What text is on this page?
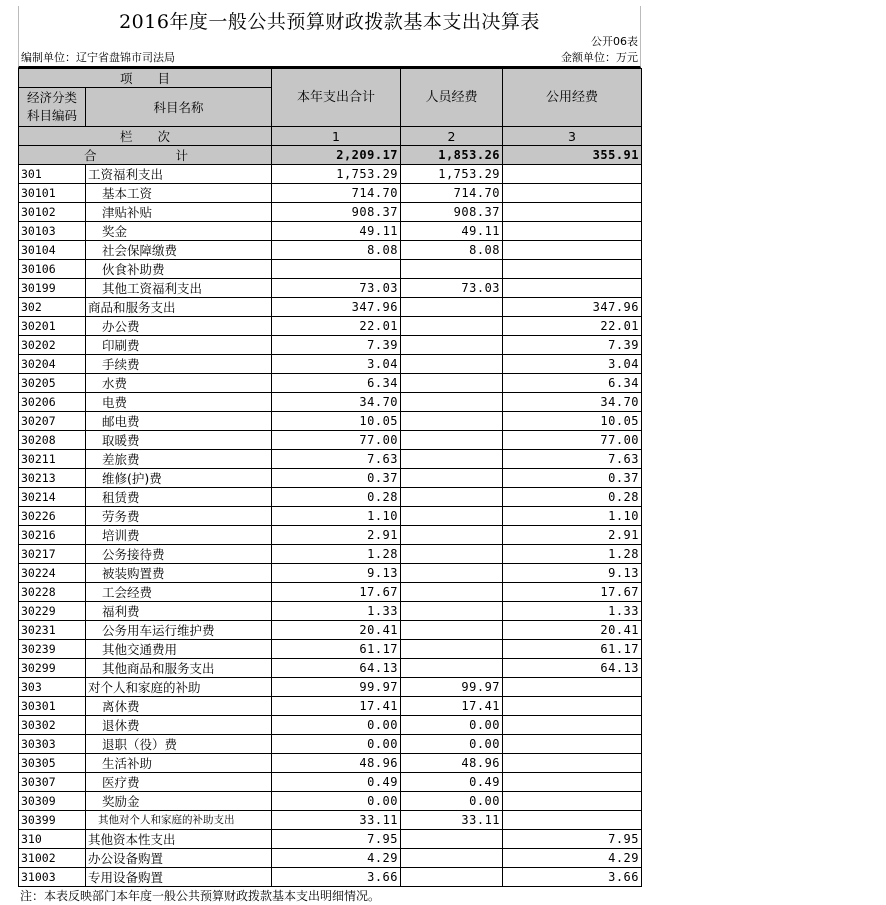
2016年度一般公共预算财政拨款基本支出决算表
公开06表
编制单位：辽宁省盘锦市司法局	金额单位：万元
项　　目		本年支出合计	人员经费	公用经费

经济分类
科目编码	科目名称			
栏　　次		1	2	3
合　　计		2,209.17	1,853.26	355.91
301	工资福利支出	1,753.29	1,753.29	
30101	基本工资	714.70	714.70	
30102	津贴补贴	908.37	908.37	
30103	奖金	49.11	49.11	
30104	社会保障缴费	8.08	8.08	
30106	伙食补助费			
30199	其他工资福利支出	73.03	73.03	
302	商品和服务支出	347.96		347.96
30201	办公费	22.01		22.01
30202	印刷费	7.39		7.39
30204	手续费	3.04		3.04
30205	水费	6.34		6.34
30206	电费	34.70		34.70
30207	邮电费	10.05		10.05
30208	取暖费	77.00		77.00
30211	差旅费	7.63		7.63
30213	维修(护)费	0.37		0.37
30214	租赁费	0.28		0.28
30226	劳务费	1.10		1.10
30216	培训费	2.91		2.91
30217	公务接待费	1.28		1.28
30224	被装购置费	9.13		9.13
30228	工会经费	17.67		17.67
30229	福利费	1.33		1.33
30231	公务用车运行维护费	20.41		20.41
30239	其他交通费用	61.17		61.17
30299	其他商品和服务支出	64.13		64.13
303	对个人和家庭的补助	99.97	99.97	
30301	离休费	17.41	17.41	
30302	退休费	0.00	0.00	
30303	退职（役）费	0.00	0.00	
30305	生活补助	48.96	48.96	
30307	医疗费	0.49	0.49	
30309	奖励金	0.00	0.00	
30399	其他对个人和家庭的补助支出	33.11	33.11	
310	其他资本性支出	7.95		7.95
31002	办公设备购置	4.29		4.29
31003	专用设备购置	3.66		3.66
注：本表反映部门本年度一般公共预算财政拨款基本支出明细情况。
